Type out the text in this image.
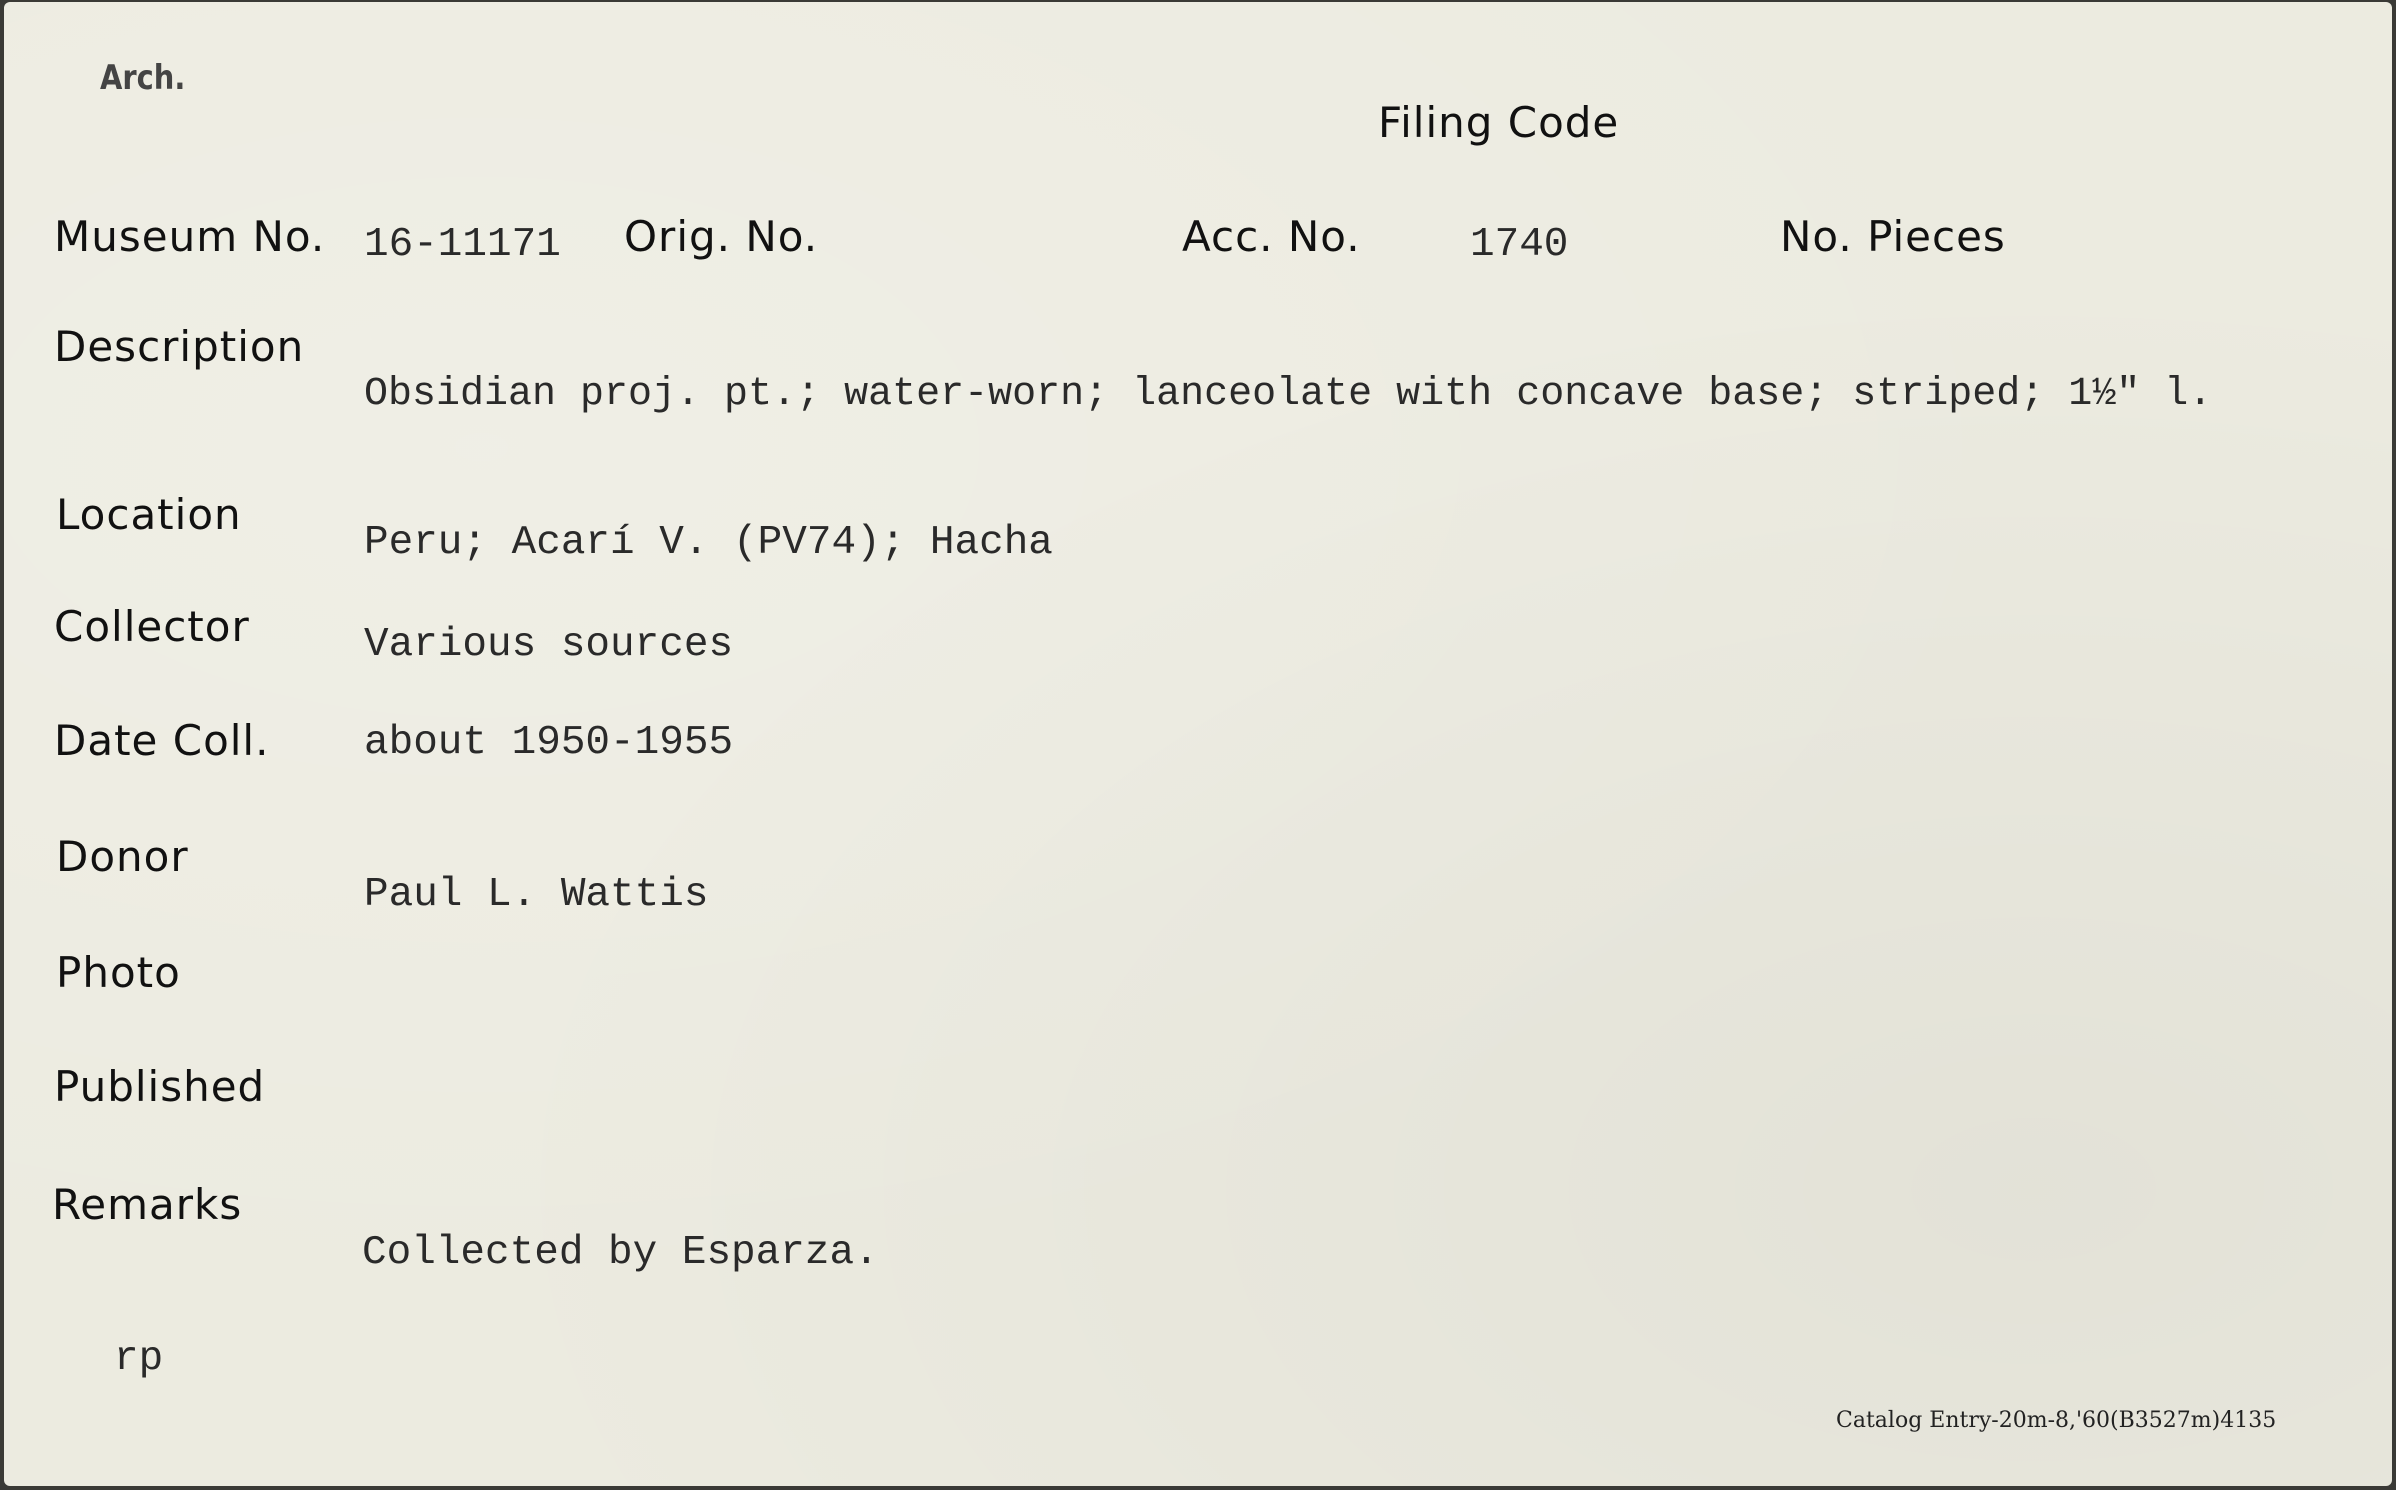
Arch.
Filing Code
Museum No. 16-11171 Orig. No.	Acc. No.	1740	No. Pieces
Description
Obsidian proj. pt.; water-worn; lanceolate with concave base; striped; 1½" l.
Location
Peru; Acarí V. (PV74); Hacha
Collector	Various sources
Date Coll. about 1950-1955
Donor
Paul L. Wattis
Photo
Published
Remarks
Collected by Esparza.
rp
Catalog Entry-20m-8,'60(B3527m)4135
